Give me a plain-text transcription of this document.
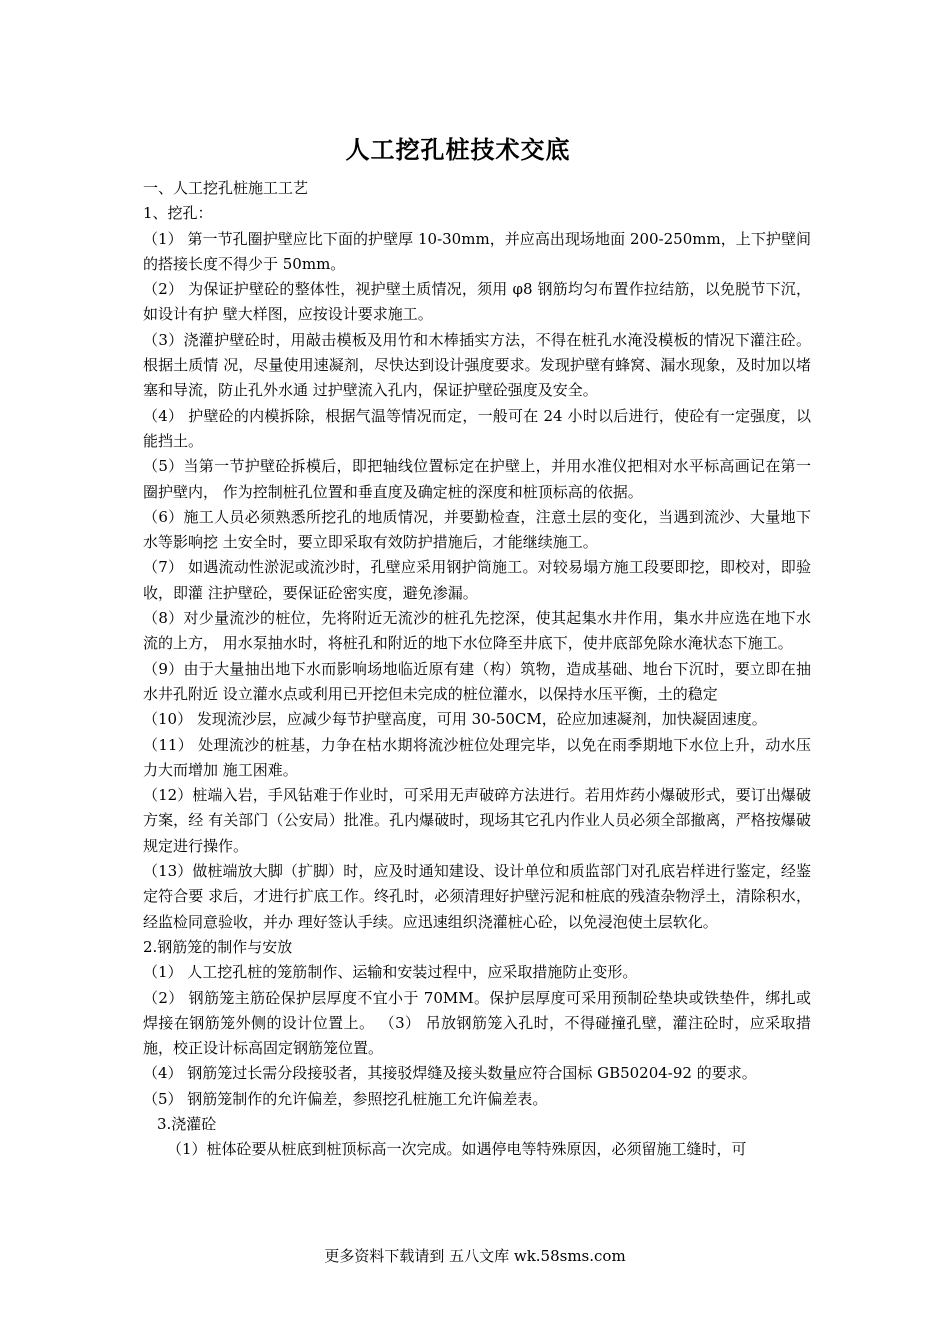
人工挖孔桩技术交底

一、人工挖孔桩施工工艺

1、挖孔：

（1） 第一节孔圈护壁应比下面的护壁厚 10-30mm，并应高出现场地面 200-250mm，上下护壁间的搭接长度不得少于 50mm。

（2） 为保证护壁砼的整体性，视护壁土质情况，须用 φ8 钢筋均匀布置作拉结筋，以免脱节下沉，如设计有护 壁大样图，应按设计要求施工。

（3）浇灌护壁砼时，用敲击模板及用竹和木棒插实方法，不得在桩孔水淹没模板的情况下灌注砼。根据土质情 况，尽量使用速凝剂，尽快达到设计强度要求。发现护壁有蜂窝、漏水现象，及时加以堵塞和导流，防止孔外水通 过护壁流入孔内，保证护壁砼强度及安全。

（4） 护壁砼的内模拆除，根据气温等情况而定，一般可在 24 小时以后进行，使砼有一定强度，以能挡土。

（5）当第一节护壁砼拆模后，即把轴线位置标定在护壁上，并用水准仪把相对水平标高画记在第一圈护壁内， 作为控制桩孔位置和垂直度及确定桩的深度和桩顶标高的依据。

（6）施工人员必须熟悉所挖孔的地质情况，并要勤检查，注意土层的变化，当遇到流沙、大量地下水等影响挖 土安全时，要立即采取有效防护措施后，才能继续施工。

（7） 如遇流动性淤泥或流沙时，孔壁应采用钢护筒施工。对较易塌方施工段要即挖，即校对，即验收，即灌 注护壁砼，要保证砼密实度，避免渗漏。

（8）对少量流沙的桩位，先将附近无流沙的桩孔先挖深，使其起集水井作用，集水井应选在地下水流的上方， 用水泵抽水时，将桩孔和附近的地下水位降至井底下，使井底部免除水淹状态下施工。

（9）由于大量抽出地下水而影响场地临近原有建（构）筑物，造成基础、地台下沉时，要立即在抽水井孔附近 设立灌水点或利用已开挖但未完成的桩位灌水，以保持水压平衡，土的稳定

（10） 发现流沙层，应减少每节护壁高度，可用 30-50CM，砼应加速凝剂，加快凝固速度。

（11） 处理流沙的桩基，力争在枯水期将流沙桩位处理完毕，以免在雨季期地下水位上升，动水压力大而增加 施工困难。

（12）桩端入岩，手风钻难于作业时，可采用无声破碎方法进行。若用炸药小爆破形式，要订出爆破方案，经 有关部门（公安局）批准。孔内爆破时，现场其它孔内作业人员必须全部撤离，严格按爆破规定进行操作。

（13）做桩端放大脚（扩脚）时，应及时通知建设、设计单位和质监部门对孔底岩样进行鉴定，经鉴定符合要 求后，才进行扩底工作。终孔时，必须清理好护壁污泥和桩底的残渣杂物浮土，清除积水，经监检同意验收，并办 理好签认手续。应迅速组织浇灌桩心砼，以免浸泡使土层软化。

2.钢筋笼的制作与安放

（1） 人工挖孔桩的笼筋制作、运输和安装过程中，应采取措施防止变形。

（2） 钢筋笼主筋砼保护层厚度不宜小于 70MM。保护层厚度可采用预制砼垫块或铁垫件，绑扎或焊接在钢筋笼外侧的设计位置上。 （3） 吊放钢筋笼入孔时，不得碰撞孔壁，灌注砼时，应采取措施，校正设计标高固定钢筋笼位置。

（4） 钢筋笼过长需分段接驳者，其接驳焊缝及接头数量应符合国标 GB50204-92 的要求。

（5） 钢筋笼制作的允许偏差，参照挖孔桩施工允许偏差表。

3.浇灌砼

（1）桩体砼要从桩底到桩顶标高一次完成。如遇停电等特殊原因，必须留施工缝时，可

更多资料下载请到 五八文库 wk.58sms.com
